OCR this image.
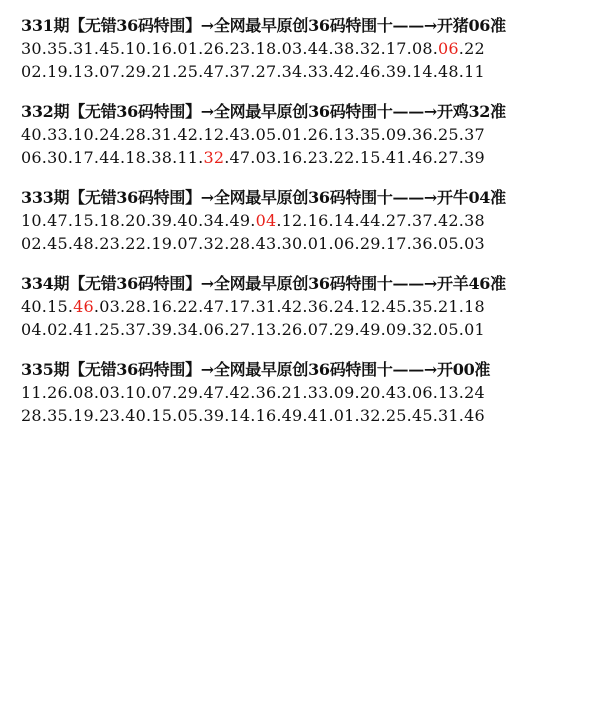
331期【无错36码特围】→全网最早原创36码特围十——→开猪06准
30.35.31.45.10.16.01.26.23.18.03.44.38.32.17.08.06.22
02.19.13.07.29.21.25.47.37.27.34.33.42.46.39.14.48.11
332期【无错36码特围】→全网最早原创36码特围十——→开鸡32准
40.33.10.24.28.31.42.12.43.05.01.26.13.35.09.36.25.37
06.30.17.44.18.38.11.32.47.03.16.23.22.15.41.46.27.39
333期【无错36码特围】→全网最早原创36码特围十——→开牛04准
10.47.15.18.20.39.40.34.49.04.12.16.14.44.27.37.42.38
02.45.48.23.22.19.07.32.28.43.30.01.06.29.17.36.05.03
334期【无错36码特围】→全网最早原创36码特围十——→开羊46准
40.15.46.03.28.16.22.47.17.31.42.36.24.12.45.35.21.18
04.02.41.25.37.39.34.06.27.13.26.07.29.49.09.32.05.01
335期【无错36码特围】→全网最早原创36码特围十——→开00准
11.26.08.03.10.07.29.47.42.36.21.33.09.20.43.06.13.24
28.35.19.23.40.15.05.39.14.16.49.41.01.32.25.45.31.46
